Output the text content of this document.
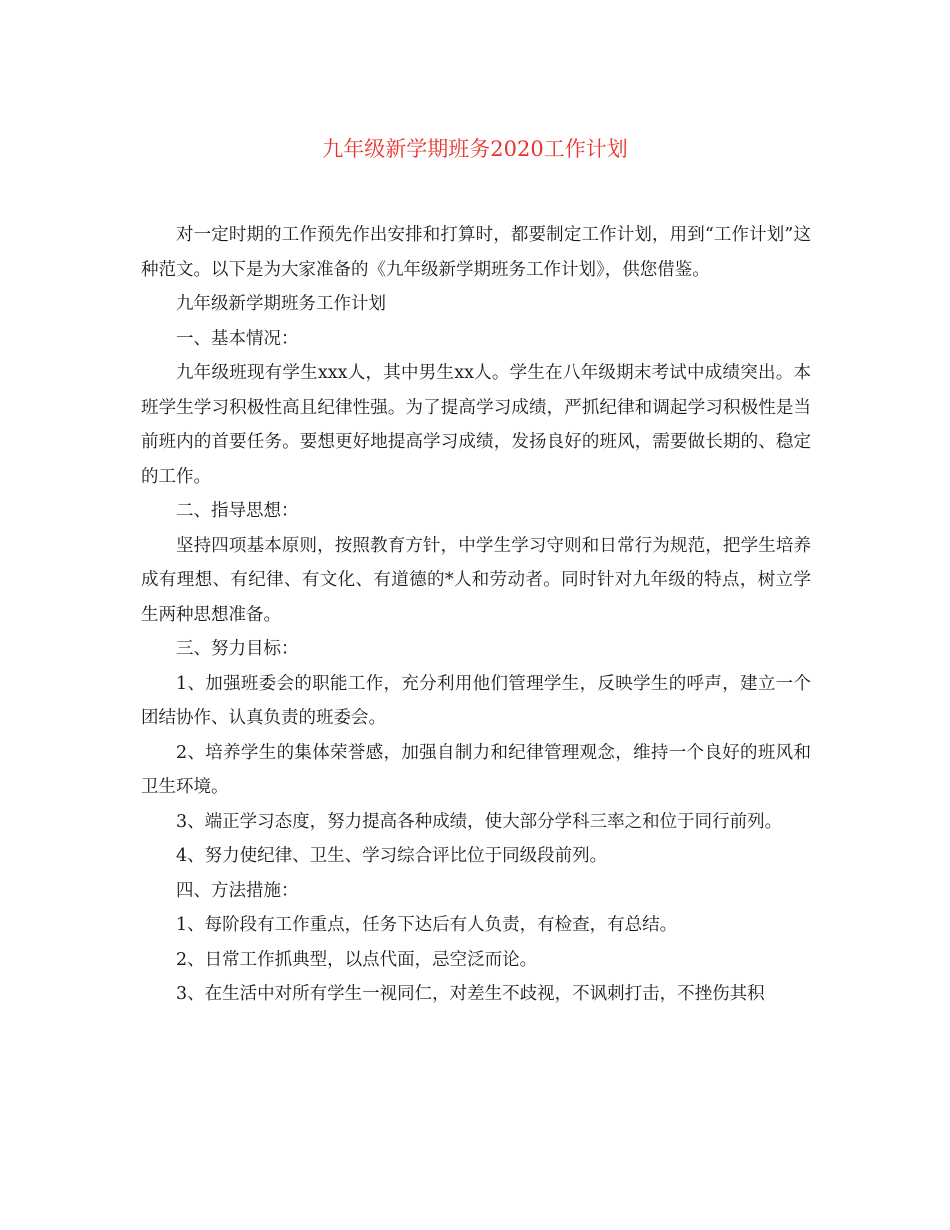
九年级新学期班务2020工作计划

对一定时期的工作预先作出安排和打算时，都要制定工作计划，用到“工作计划”这种范文。以下是为大家准备的《九年级新学期班务工作计划》，供您借鉴。

九年级新学期班务工作计划

一、基本情况：

九年级班现有学生xxx人，其中男生xx人。学生在八年级期末考试中成绩突出。本班学生学习积极性高且纪律性强。为了提高学习成绩，严抓纪律和调起学习积极性是当前班内的首要任务。要想更好地提高学习成绩，发扬良好的班风，需要做长期的、稳定的工作。

二、指导思想：

坚持四项基本原则，按照教育方针，中学生学习守则和日常行为规范，把学生培养成有理想、有纪律、有文化、有道德的*人和劳动者。同时针对九年级的特点，树立学生两种思想准备。

三、努力目标：

1、加强班委会的职能工作，充分利用他们管理学生，反映学生的呼声，建立一个团结协作、认真负责的班委会。

2、培养学生的集体荣誉感，加强自制力和纪律管理观念，维持一个良好的班风和卫生环境。

3、端正学习态度，努力提高各种成绩，使大部分学科三率之和位于同行前列。

4、努力使纪律、卫生、学习综合评比位于同级段前列。

四、方法措施：

1、每阶段有工作重点，任务下达后有人负责，有检查，有总结。

2、日常工作抓典型，以点代面，忌空泛而论。

3、在生活中对所有学生一视同仁，对差生不歧视，不讽刺打击，不挫伤其积
